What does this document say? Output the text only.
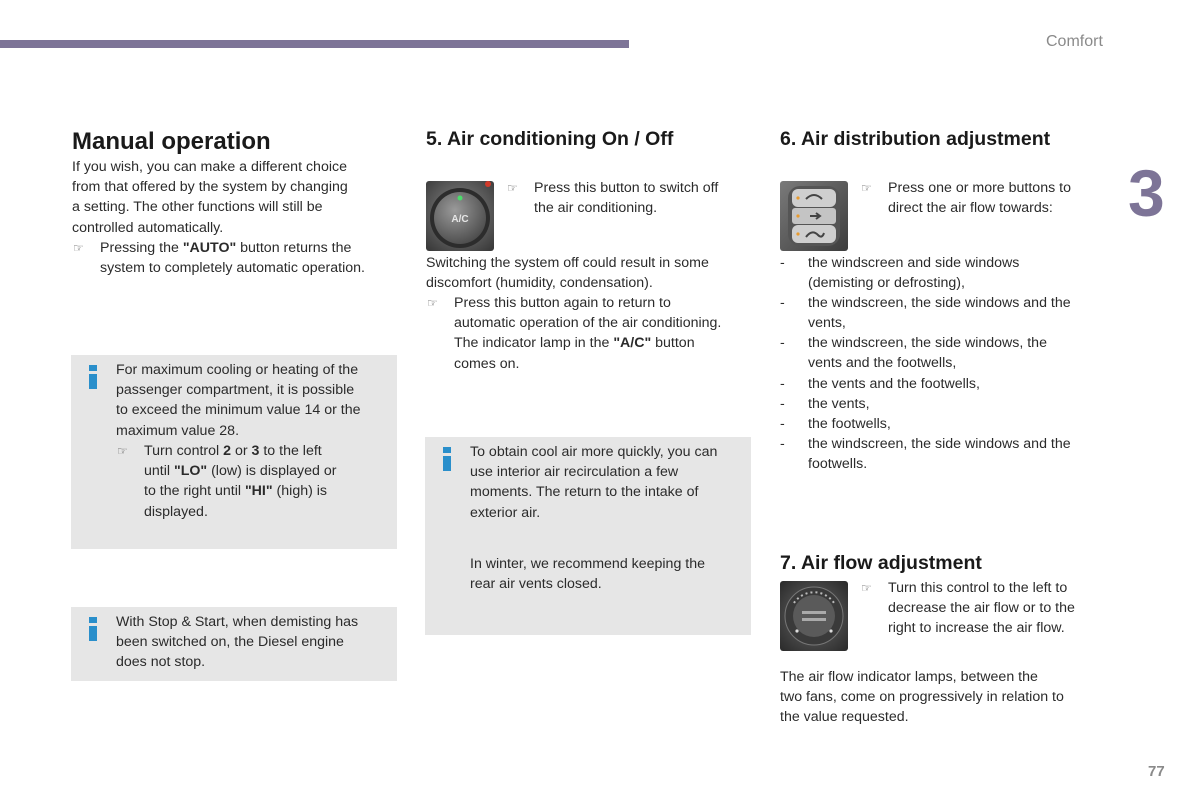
Comfort
3
77
Manual operation
If you wish, you can make a different choice
from that offered by the system by changing
a setting. The other functions will still be
controlled automatically.
☞ Pressing the "AUTO" button returns the
system to completely automatic operation.
For maximum cooling or heating of the
passenger compartment, it is possible
to exceed the minimum value 14 or the
maximum value 28.
☞ Turn control 2 or 3 to the left
until "LO" (low) is displayed or
to the right until "HI" (high) is
displayed.
With Stop & Start, when demisting has
been switched on, the Diesel engine
does not stop.
5. Air conditioning On / Off
A/C
☞ Press this button to switch off
the air conditioning.
Switching the system off could result in some
discomfort (humidity, condensation).
☞ Press this button again to return to
automatic operation of the air conditioning.
The indicator lamp in the "A/C" button
comes on.
To obtain cool air more quickly, you can
use interior air recirculation a few
moments. The return to the intake of
exterior air.
In winter, we recommend keeping the
rear air vents closed.
6. Air distribution adjustment
☞ Press one or more buttons to
direct the air flow towards:
- the windscreen and side windows
(demisting or defrosting),
- the windscreen, the side windows and the
vents,
- the windscreen, the side windows, the
vents and the footwells,
- the vents and the footwells,
- the vents,
- the footwells,
- the windscreen, the side windows and the
footwells.
7. Air flow adjustment
☞ Turn this control to the left to
decrease the air flow or to the
right to increase the air flow.
The air flow indicator lamps, between the
two fans, come on progressively in relation to
the value requested.
